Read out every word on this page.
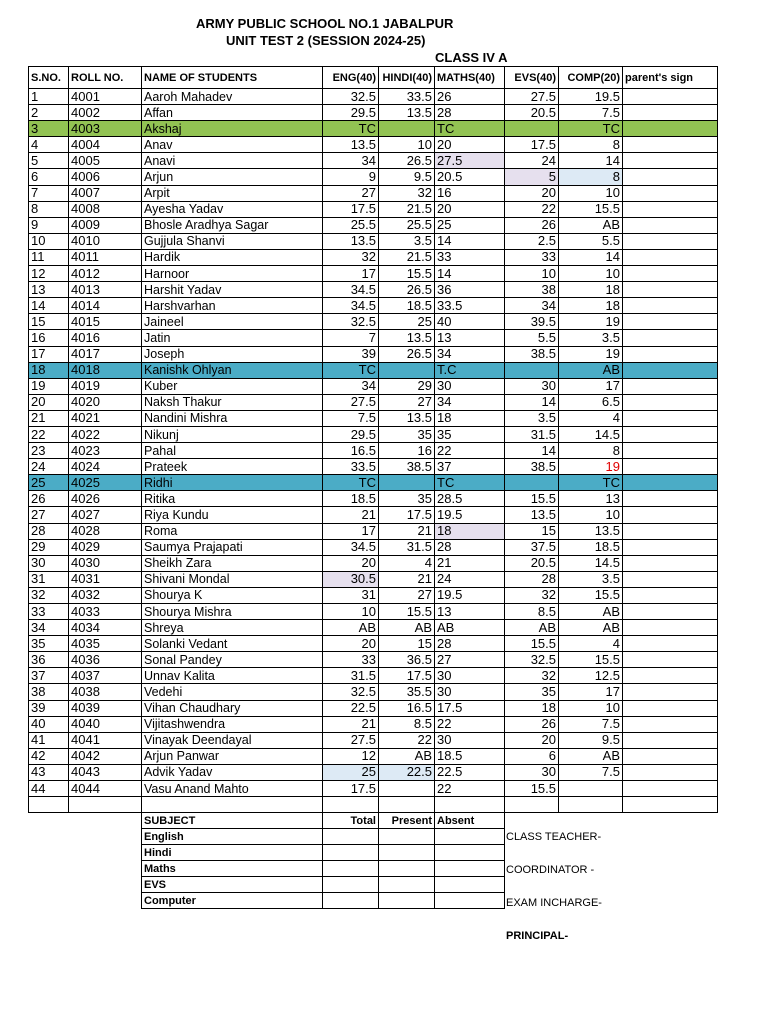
ARMY PUBLIC SCHOOL NO.1 JABALPUR
UNIT TEST 2 (SESSION 2024-25)
CLASS IV A
S.NO.	ROLL NO.	NAME OF STUDENTS	ENG(40)	HINDI(40)	MATHS(40)	EVS(40)	COMP(20)	parent's sign
1	4001	Aaroh Mahadev	32.5	33.5	26	27.5	19.5	
2	4002	Affan	29.5	13.5	28	20.5	7.5	
3	4003	Akshaj	TC		TC		TC	
4	4004	Anav	13.5	10	20	17.5	8	
5	4005	Anavi	34	26.5	27.5	24	14	
6	4006	Arjun	9	9.5	20.5	5	8	
7	4007	Arpit	27	32	16	20	10	
8	4008	Ayesha Yadav	17.5	21.5	20	22	15.5	
9	4009	Bhosle Aradhya Sagar	25.5	25.5	25	26	AB	
10	4010	Gujjula Shanvi	13.5	3.5	14	2.5	5.5	
11	4011	Hardik	32	21.5	33	33	14	
12	4012	Harnoor	17	15.5	14	10	10	
13	4013	Harshit Yadav	34.5	26.5	36	38	18	
14	4014	Harshvarhan	34.5	18.5	33.5	34	18	
15	4015	Jaineel	32.5	25	40	39.5	19	
16	4016	Jatin	7	13.5	13	5.5	3.5	
17	4017	Joseph	39	26.5	34	38.5	19	
18	4018	Kanishk Ohlyan	TC		T.C		AB	
19	4019	Kuber	34	29	30	30	17	
20	4020	Naksh Thakur	27.5	27	34	14	6.5	
21	4021	Nandini Mishra	7.5	13.5	18	3.5	4	
22	4022	Nikunj	29.5	35	35	31.5	14.5	
23	4023	Pahal	16.5	16	22	14	8	
24	4024	Prateek	33.5	38.5	37	38.5	19	
25	4025	Ridhi	TC		TC		TC	
26	4026	Ritika	18.5	35	28.5	15.5	13	
27	4027	Riya Kundu	21	17.5	19.5	13.5	10	
28	4028	Roma	17	21	18	15	13.5	
29	4029	Saumya Prajapati	34.5	31.5	28	37.5	18.5	
30	4030	Sheikh Zara	20	4	21	20.5	14.5	
31	4031	Shivani Mondal	30.5	21	24	28	3.5	
32	4032	Shourya K	31	27	19.5	32	15.5	
33	4033	Shourya Mishra	10	15.5	13	8.5	AB	
34	4034	Shreya	AB	AB	AB	AB	AB	
35	4035	Solanki Vedant	20	15	28	15.5	4	
36	4036	Sonal Pandey	33	36.5	27	32.5	15.5	
37	4037	Unnav Kalita	31.5	17.5	30	32	12.5	
38	4038	Vedehi	32.5	35.5	30	35	17	
39	4039	Vihan Chaudhary	22.5	16.5	17.5	18	10	
40	4040	Vijitashwendra	21	8.5	22	26	7.5	
41	4041	Vinayak Deendayal	27.5	22	30	20	9.5	
42	4042	Arjun Panwar	12	AB	18.5	6	AB	
43	4043	Advik Yadav	25	22.5	22.5	30	7.5	
44	4044	Vasu Anand Mahto	17.5		22	15.5		

SUBJECT	Total	Present	Absent
English			
Hindi			
Maths			
EVS			
Computer			
CLASS TEACHER-
COORDINATOR -
EXAM INCHARGE-
PRINCIPAL-
